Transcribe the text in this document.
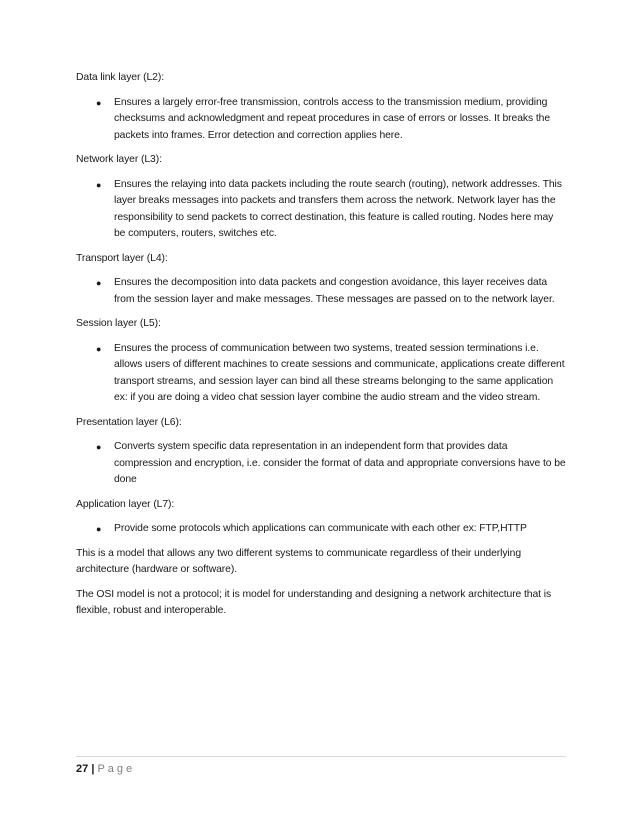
Data link layer (L2):

● Ensures a largely error-free transmission, controls access to the transmission medium, providing checksums and acknowledgment and repeat procedures in case of errors or losses. It breaks the packets into frames. Error detection and correction applies here.

Network layer (L3):

● Ensures the relaying into data packets including the route search (routing), network addresses. This layer breaks messages into packets and transfers them across the network. Network layer has the responsibility to send packets to correct destination, this feature is called routing. Nodes here may be computers, routers, switches etc.

Transport layer (L4):

● Ensures the decomposition into data packets and congestion avoidance, this layer receives data from the session layer and make messages. These messages are passed on to the network layer.

Session layer (L5):

● Ensures the process of communication between two systems, treated session terminations i.e. allows users of different machines to create sessions and communicate, applications create different transport streams, and session layer can bind all these streams belonging to the same application ex: if you are doing a video chat session layer combine the audio stream and the video stream.

Presentation layer (L6):

● Converts system specific data representation in an independent form that provides data compression and encryption, i.e. consider the format of data and appropriate conversions have to be done

Application layer (L7):

● Provide some protocols which applications can communicate with each other ex: FTP,HTTP

This is a model that allows any two different systems to communicate regardless of their underlying architecture (hardware or software).

The OSI model is not a protocol; it is model for understanding and designing a network architecture that is flexible, robust and interoperable.

27 | Page
